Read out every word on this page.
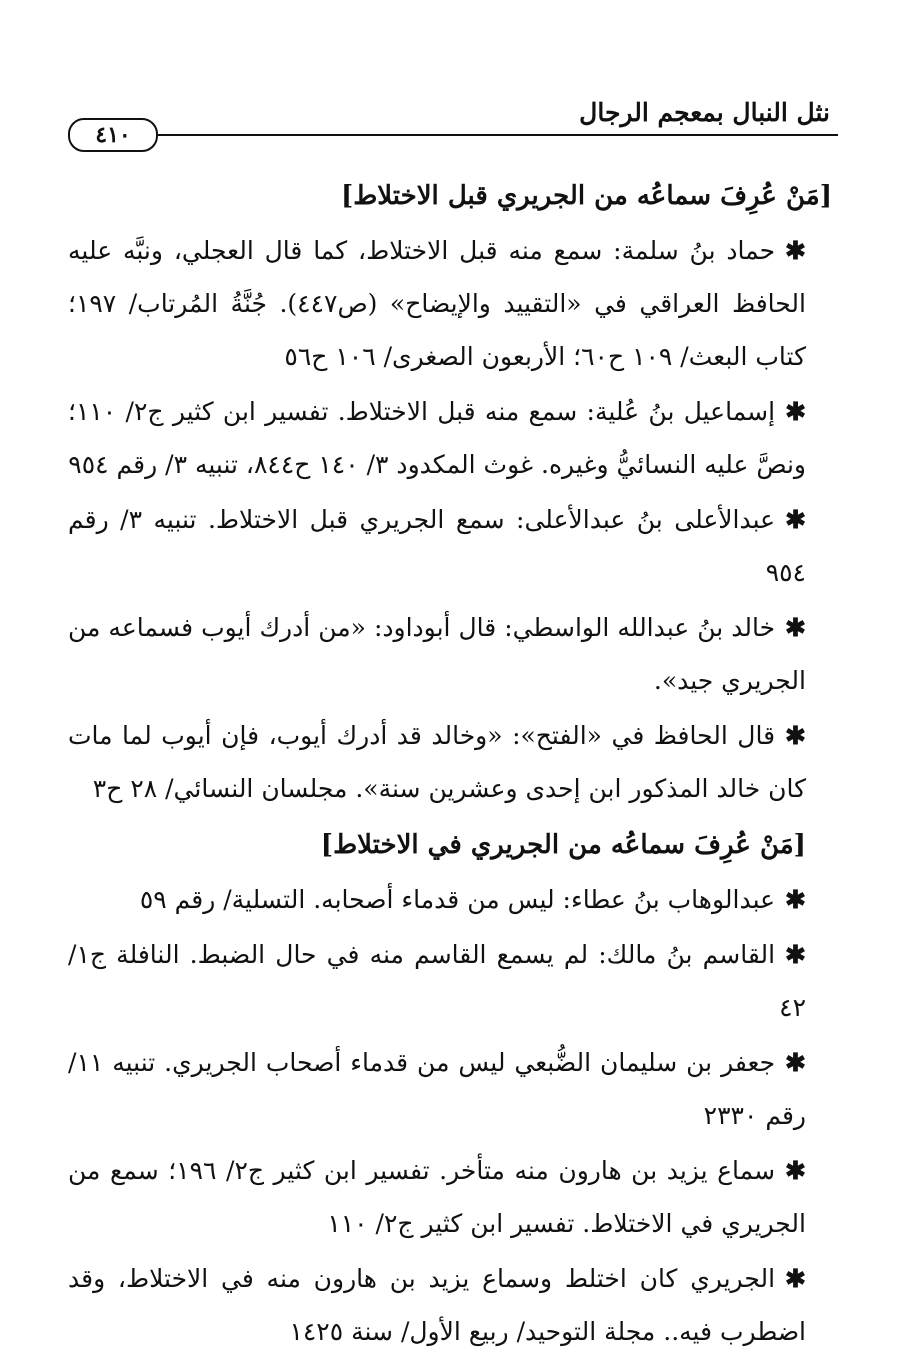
نثل النبال بمعجم الرجال
٤١٠
[مَنْ عُرِفَ سماعُه من الجريري قبل الاختلاط]

✱حماد بنُ سلمة: سمع منه قبل الاختلاط، كما قال العجلي، ونبَّه عليه الحافظ العراقي في «التقييد والإيضاح» (ص٤٤٧). جُنَّةُ المُرتاب/ ١٩٧؛ كتاب البعث/ ١٠٩ ح٦٠؛ الأربعون الصغرى/ ١٠٦ ح٥٦

✱إسماعيل بنُ عُلية: سمع منه قبل الاختلاط. تفسير ابن كثير ج٢/ ١١٠؛ ونصَّ عليه النسائيُّ وغيره. غوث المكدود ٣/ ١٤٠ ح٨٤٤، تنبيه ٣/ رقم ٩٥٤

✱عبدالأعلى بنُ عبدالأعلى: سمع الجريري قبل الاختلاط. تنبيه ٣/ رقم ٩٥٤

✱خالد بنُ عبدالله الواسطي: قال أبوداود: «من أدرك أيوب فسماعه من الجريري جيد».

✱قال الحافظ في «الفتح»: «وخالد قد أدرك أيوب، فإن أيوب لما مات كان خالد المذكور ابن إحدى وعشرين سنة». مجلسان النسائي/ ٢٨ ح٣

[مَنْ عُرِفَ سماعُه من الجريري في الاختلاط]

✱عبدالوهاب بنُ عطاء: ليس من قدماء أصحابه. التسلية/ رقم ٥٩

✱القاسم بنُ مالك: لم يسمع القاسم منه في حال الضبط. النافلة ج١/ ٤٢

✱جعفر بن سليمان الضُّبعي ليس من قدماء أصحاب الجريري. تنبيه ١١/ رقم ٢٣٣٠

✱سماع يزيد بن هارون منه متأخر. تفسير ابن كثير ج٢/ ١٩٦؛ سمع من الجريري في الاختلاط. تفسير ابن كثير ج٢/ ١١٠

✱الجريري كان اختلط وسماع يزيد بن هارون منه في الاختلاط، وقد اضطرب فيه.. مجلة التوحيد/ ربيع الأول/ سنة ١٤٢٥
